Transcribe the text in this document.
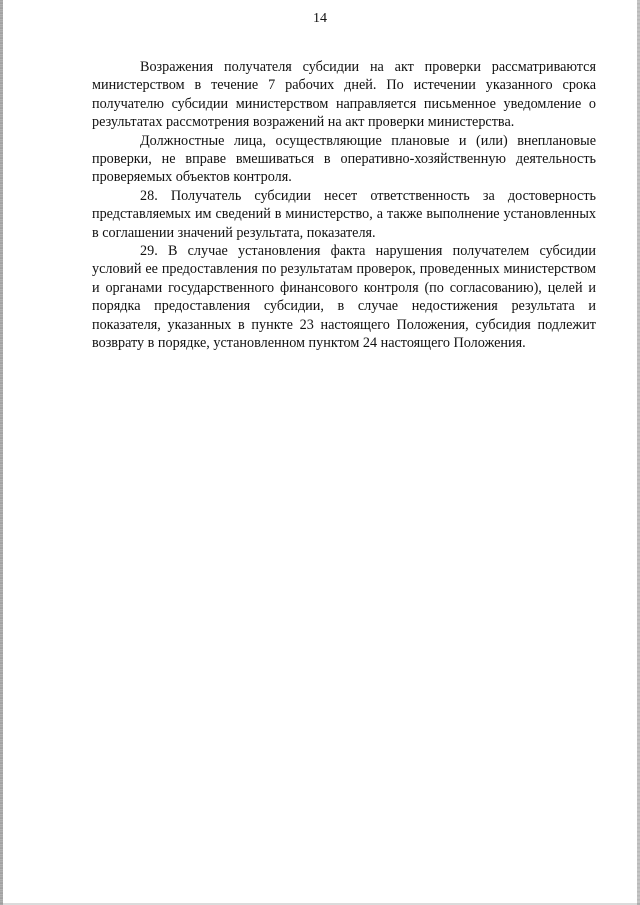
14

Возражения получателя субсидии на акт проверки рассматриваются министерством в течение 7 рабочих дней. По истечении указанного срока получателю субсидии министерством направляется письменное уведомление о результатах рассмотрения возражений на акт проверки министерства.

Должностные лица, осуществляющие плановые и (или) внеплановые проверки, не вправе вмешиваться в оперативно-хозяйственную деятельность проверяемых объектов контроля.

28. Получатель субсидии несет ответственность за достоверность представляемых им сведений в министерство, а также выполнение установленных в соглашении значений результата, показателя.

29. В случае установления факта нарушения получателем субсидии условий ее предоставления по результатам проверок, проведенных министерством и органами государственного финансового контроля (по согласованию), целей и порядка предоставления субсидии, в случае недостижения результата и показателя, указанных в пункте 23 настоящего Положения, субсидия подлежит возврату в порядке, установленном пунктом 24 настоящего Положения.
